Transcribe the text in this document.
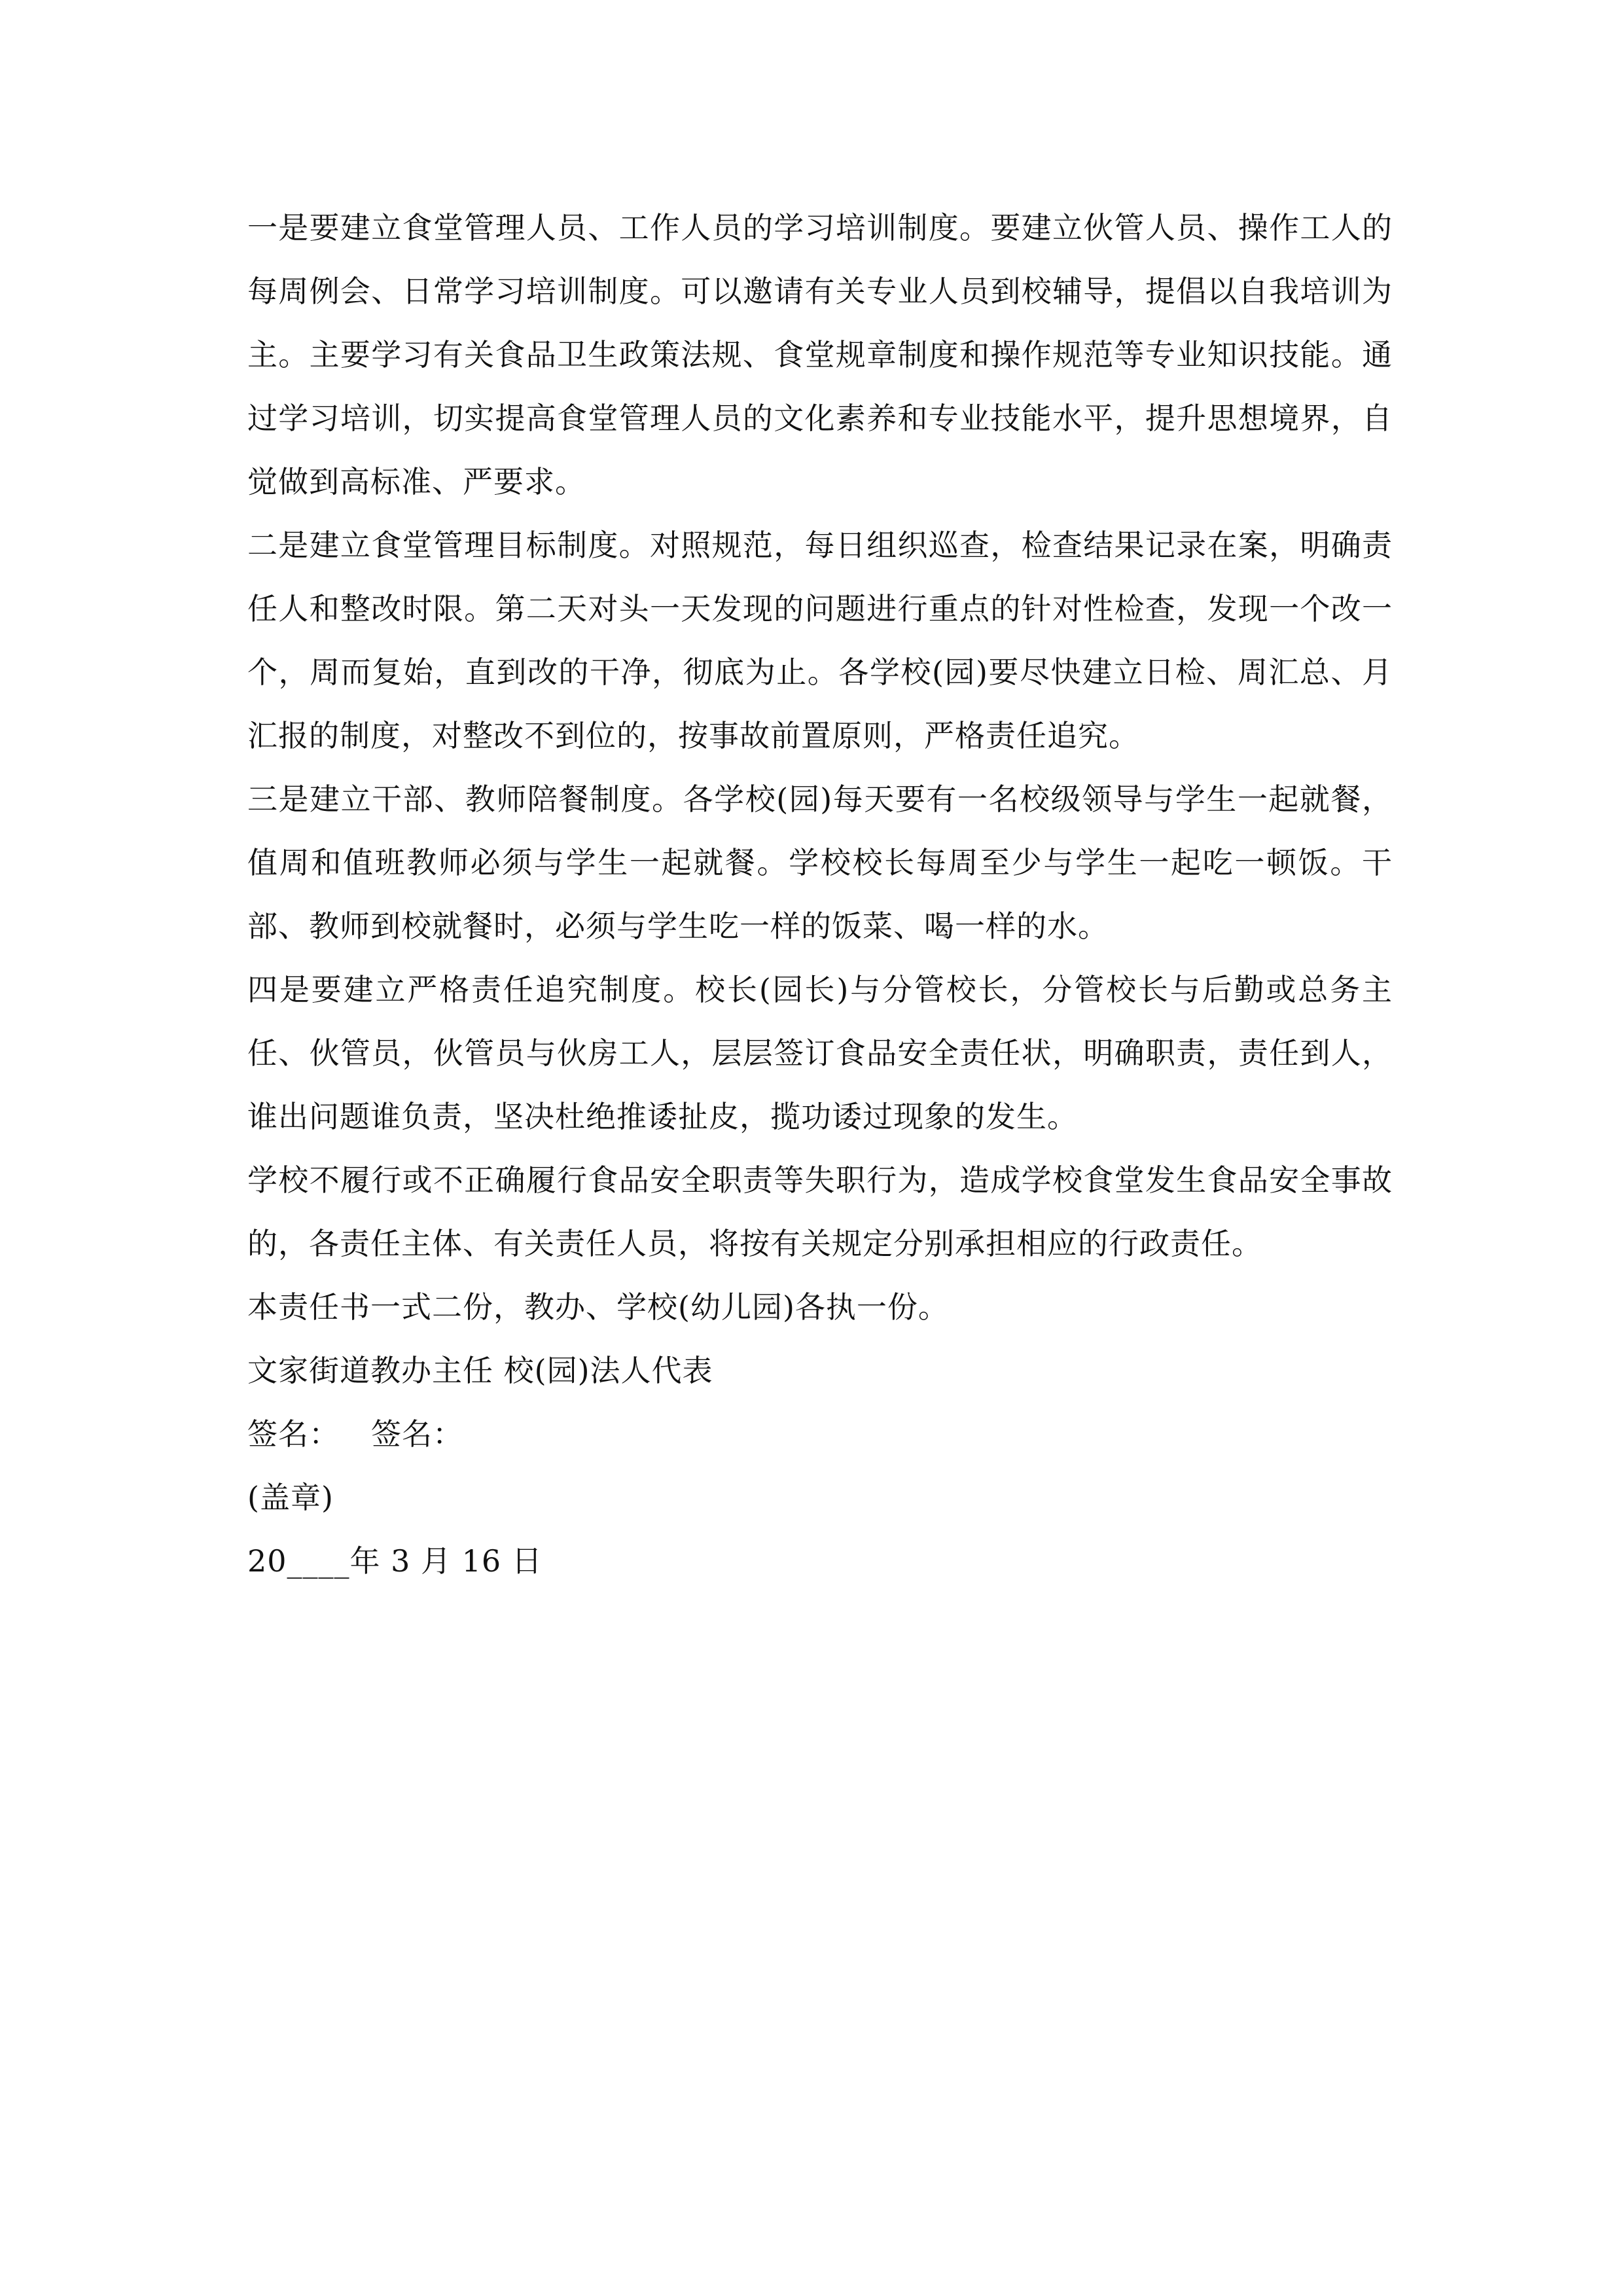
一是要建立食堂管理人员、工作人员的学习培训制度。要建立伙管人员、操作工人的每周例会、日常学习培训制度。可以邀请有关专业人员到校辅导，提倡以自我培训为主。主要学习有关食品卫生政策法规、食堂规章制度和操作规范等专业知识技能。通过学习培训，切实提高食堂管理人员的文化素养和专业技能水平，提升思想境界，自觉做到高标准、严要求。

二是建立食堂管理目标制度。对照规范，每日组织巡查，检查结果记录在案，明确责任人和整改时限。第二天对头一天发现的问题进行重点的针对性检查，发现一个改一个，周而复始，直到改的干净，彻底为止。各学校(园)要尽快建立日检、周汇总、月汇报的制度，对整改不到位的，按事故前置原则，严格责任追究。

三是建立干部、教师陪餐制度。各学校(园)每天要有一名校级领导与学生一起就餐，值周和值班教师必须与学生一起就餐。学校校长每周至少与学生一起吃一顿饭。干部、教师到校就餐时，必须与学生吃一样的饭菜、喝一样的水。

四是要建立严格责任追究制度。校长(园长)与分管校长，分管校长与后勤或总务主任、伙管员，伙管员与伙房工人，层层签订食品安全责任状，明确职责，责任到人，谁出问题谁负责，坚决杜绝推诿扯皮，揽功诿过现象的发生。

学校不履行或不正确履行食品安全职责等失职行为，造成学校食堂发生食品安全事故的，各责任主体、有关责任人员，将按有关规定分别承担相应的行政责任。

本责任书一式二份，教办、学校(幼儿园)各执一份。

文家街道教办主任 校(园)法人代表

签名： 签名：

(盖章)

20____年 3 月 16 日
